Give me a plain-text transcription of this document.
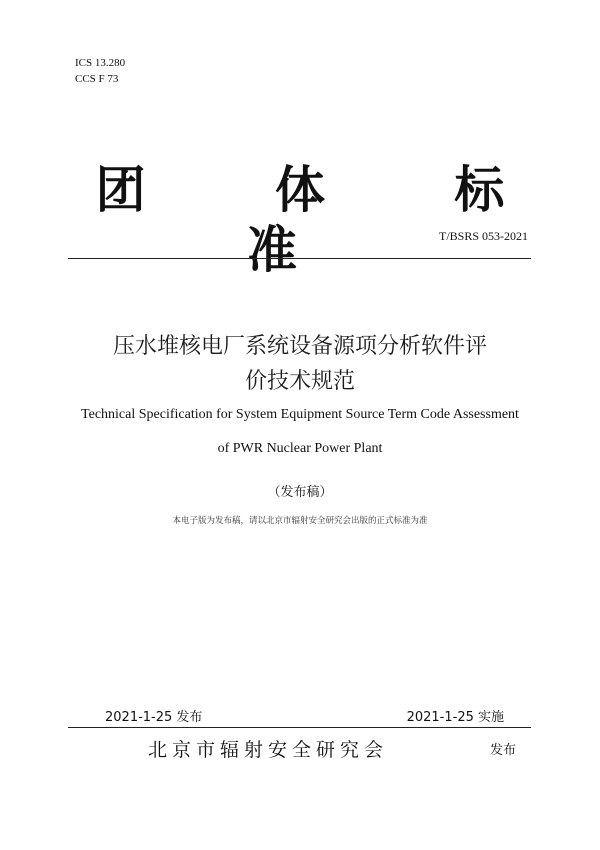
ICS 13.280
CCS F 73
团 体 标 准	T/BSRS 053-2021
压水堆核电厂系统设备源项分析软件评
价技术规范
Technical Specification for System Equipment Source Term Code Assessment
of PWR Nuclear Power Plant
（发布稿）
本电子版为发布稿，请以北京市辐射安全研究会出版的正式标准为准
2021-1-25 发布	2021-1-25 实施
北京市辐射安全研究会	发布
